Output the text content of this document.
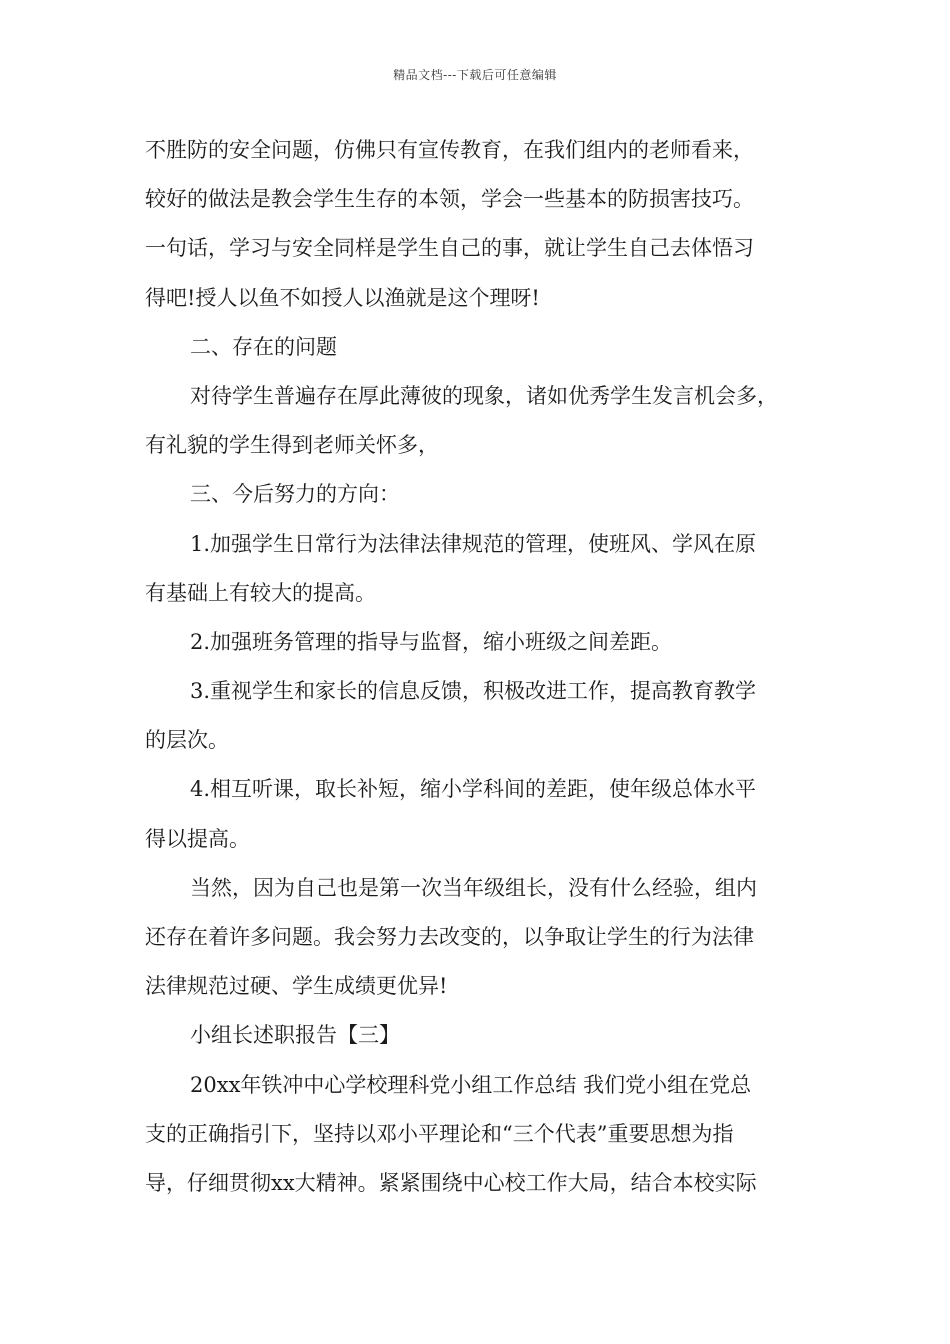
精品文档---下载后可任意编辑
不胜防的安全问题，仿佛只有宣传教育，在我们组内的老师看来，
较好的做法是教会学生生存的本领，学会一些基本的防损害技巧。
一句话，学习与安全同样是学生自己的事，就让学生自己去体悟习
得吧!授人以鱼不如授人以渔就是这个理呀!
二、存在的问题
对待学生普遍存在厚此薄彼的现象，诸如优秀学生发言机会多，
有礼貌的学生得到老师关怀多，
三、今后努力的方向：
1.加强学生日常行为法律法律规范的管理，使班风、学风在原
有基础上有较大的提高。
2.加强班务管理的指导与监督，缩小班级之间差距。
3.重视学生和家长的信息反馈，积极改进工作，提高教育教学
的层次。
4.相互听课，取长补短，缩小学科间的差距，使年级总体水平
得以提高。
当然，因为自己也是第一次当年级组长，没有什么经验，组内
还存在着许多问题。我会努力去改变的，以争取让学生的行为法律
法律规范过硬、学生成绩更优异!
小组长述职报告【三】
20xx年铁冲中心学校理科党小组工作总结 我们党小组在党总
支的正确指引下，坚持以邓小平理论和“三个代表”重要思想为指
导，仔细贯彻xx大精神。紧紧围绕中心校工作大局，结合本校实际
